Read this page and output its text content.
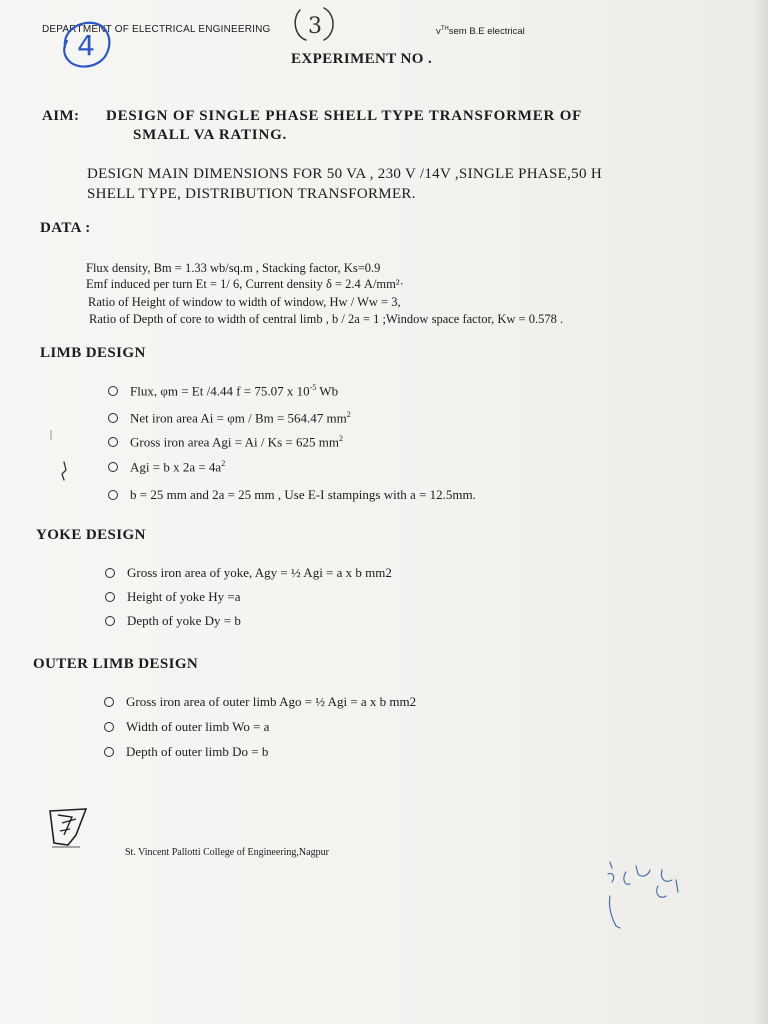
DEPARTMENT OF ELECTRICAL ENGINEERING	$v^{TH}sem$ B.E electrical
4
3
EXPERIMENT NO .
AIM: DESIGN OF SINGLE PHASE SHELL TYPE TRANSFORMER OF
SMALL VA RATING.
DESIGN MAIN DIMENSIONS FOR 50 VA , 230 V /14V ,SINGLE PHASE,50 H
SHELL TYPE, DISTRIBUTION TRANSFORMER.
DATA :
Flux density, Bm = 1.33 wb/sq.m , Stacking factor, Ks=0.9
Emf induced per turn Et = 1/ 6, Current density δ = 2.4 A/mm²·
Ratio of Height of window to width of window, Hw / Ww = 3,
Ratio of Depth of core to width of central limb , b / 2a = 1 ;Window space factor, Kw = 0.578 .
LIMB DESIGN
Flux, φm = Et /4.44 f = 75.07 x $10^{-5}$ Wb
Net iron area Ai = φm / Bm = 564.47 $mm^2$
Gross iron area Agi = Ai / Ks = 625 $mm^2$
Agi = b x $2a = 4a^2$
b = 25 mm and 2a = 25 mm , Use E-I stampings with a = 12.5mm.
YOKE DESIGN
Gross iron area of yoke, Agy = ½ Agi = a x b mm2
Height of yoke Hy =a
Depth of yoke Dy = b
OUTER LIMB DESIGN
Gross iron area of outer limb Ago = ½ Agi = a x b mm2
Width of outer limb Wo = a
Depth of outer limb Do = b
St. Vincent Pallotti College of Engineering,Nagpur
